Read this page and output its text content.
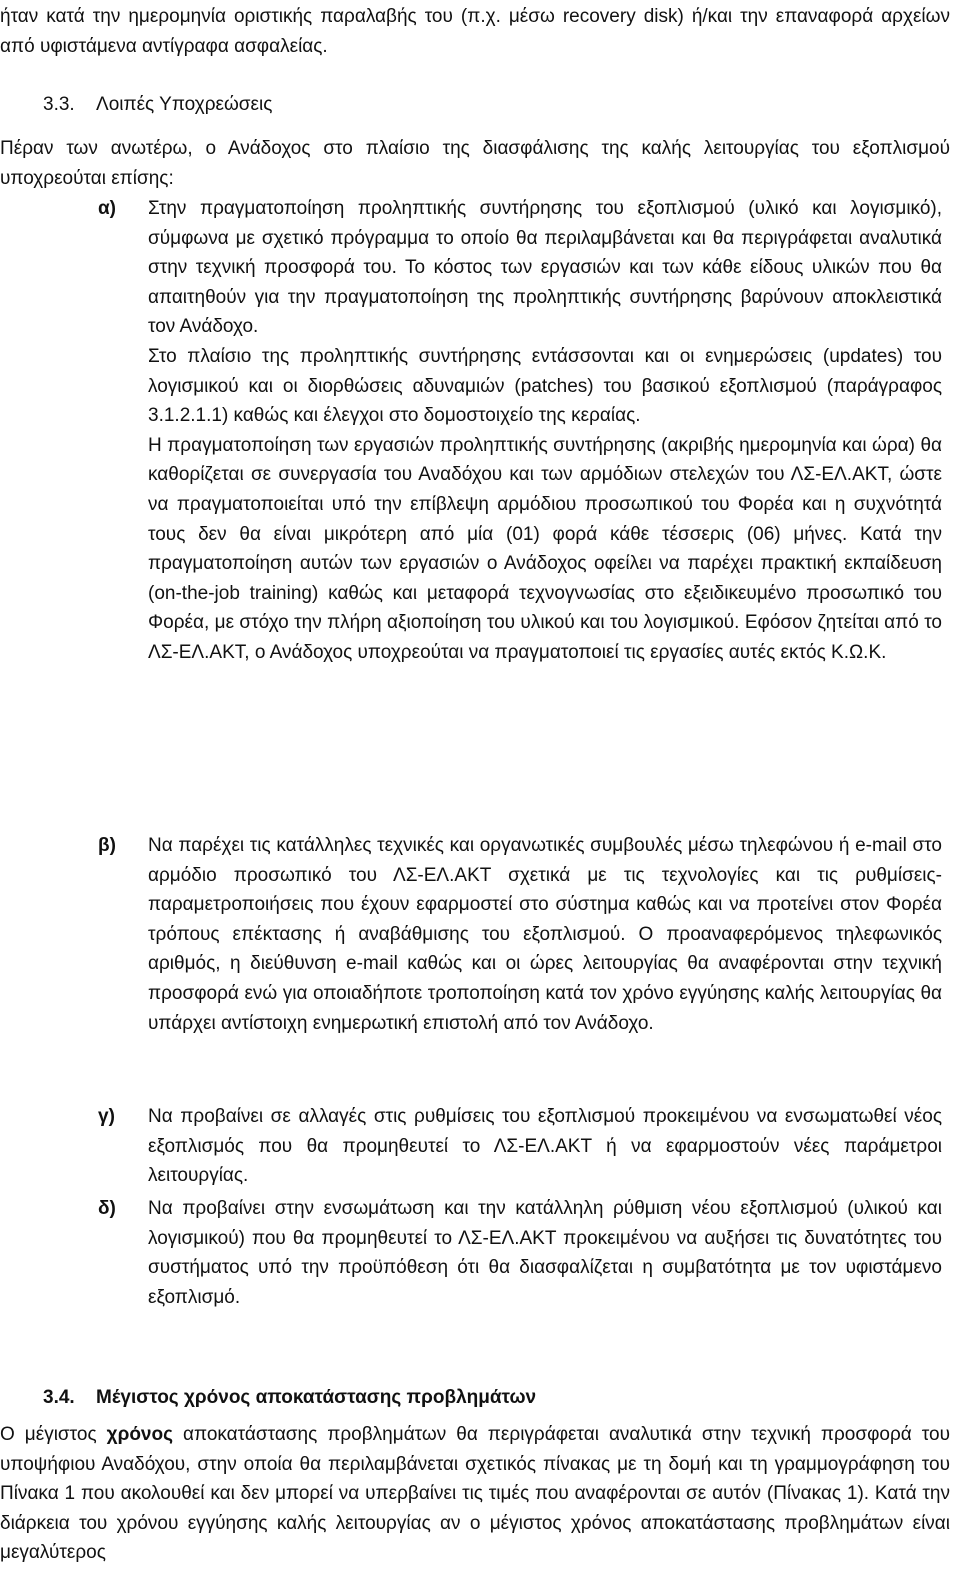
ήταν κατά την ημερομηνία οριστικής παραλαβής του (π.χ. μέσω recovery disk) ή/και την επαναφορά αρχείων από υφιστάμενα αντίγραφα ασφαλείας.

3.3. Λοιπές Υποχρεώσεις

Πέραν των ανωτέρω, ο Ανάδοχος στο πλαίσιο της διασφάλισης της καλής λειτουργίας του εξοπλισμού υποχρεούται επίσης:

α) Στην πραγματοποίηση προληπτικής συντήρησης του εξοπλισμού (υλικό και λογισμικό), σύμφωνα με σχετικό πρόγραμμα το οποίο θα περιλαμβάνεται και θα περιγράφεται αναλυτικά στην τεχνική προσφορά του. Το κόστος των εργασιών και των κάθε είδους υλικών που θα απαιτηθούν για την πραγματοποίηση της προληπτικής συντήρησης βαρύνουν αποκλειστικά τον Ανάδοχο.

Στο πλαίσιο της προληπτικής συντήρησης εντάσσονται και οι ενημερώσεις (updates) του λογισμικού και οι διορθώσεις αδυναμιών (patches) του βασικού εξοπλισμού (παράγραφος 3.1.2.1.1) καθώς και έλεγχοι στο δομοστοιχείο της κεραίας.

Η πραγματοποίηση των εργασιών προληπτικής συντήρησης (ακριβής ημερομηνία και ώρα) θα καθορίζεται σε συνεργασία του Αναδόχου και των αρμόδιων στελεχών του ΛΣ-ΕΛ.ΑΚΤ, ώστε να πραγματοποιείται υπό την επίβλεψη αρμόδιου προσωπικού του Φορέα και η συχνότητά τους δεν θα είναι μικρότερη από μία (01) φορά κάθε τέσσερις (06) μήνες. Κατά την πραγματοποίηση αυτών των εργασιών ο Ανάδοχος οφείλει να παρέχει πρακτική εκπαίδευση (on-the-job training) καθώς και μεταφορά τεχνογνωσίας στο εξειδικευμένο προσωπικό του Φορέα, με στόχο την πλήρη αξιοποίηση του υλικού και του λογισμικού. Εφόσον ζητείται από το ΛΣ-ΕΛ.ΑΚΤ, ο Ανάδοχος υποχρεούται να πραγματοποιεί τις εργασίες αυτές εκτός Κ.Ω.Κ.

β) Να παρέχει τις κατάλληλες τεχνικές και οργανωτικές συμβουλές μέσω τηλεφώνου ή e-mail στο αρμόδιο προσωπικό του ΛΣ-ΕΛ.ΑΚΤ σχετικά με τις τεχνολογίες και τις ρυθμίσεις-παραμετροποιήσεις που έχουν εφαρμοστεί στο σύστημα καθώς και να προτείνει στον Φορέα τρόπους επέκτασης ή αναβάθμισης του εξοπλισμού. Ο προαναφερόμενος τηλεφωνικός αριθμός, η διεύθυνση e-mail καθώς και οι ώρες λειτουργίας θα αναφέρονται στην τεχνική προσφορά ενώ για οποιαδήποτε τροποποίηση κατά τον χρόνο εγγύησης καλής λειτουργίας θα υπάρχει αντίστοιχη ενημερωτική επιστολή από τον Ανάδοχο.

γ) Να προβαίνει σε αλλαγές στις ρυθμίσεις του εξοπλισμού προκειμένου να ενσωματωθεί νέος εξοπλισμός που θα προμηθευτεί το ΛΣ-ΕΛ.ΑΚΤ ή να εφαρμοστούν νέες παράμετροι λειτουργίας.

δ) Να προβαίνει στην ενσωμάτωση και την κατάλληλη ρύθμιση νέου εξοπλισμού (υλικού και λογισμικού) που θα προμηθευτεί το ΛΣ-ΕΛ.ΑΚΤ προκειμένου να αυξήσει τις δυνατότητες του συστήματος υπό την προϋπόθεση ότι θα διασφαλίζεται η συμβατότητα με τον υφιστάμενο εξοπλισμό.

3.4. Μέγιστος χρόνος αποκατάστασης προβλημάτων

Ο μέγιστος χρόνος αποκατάστασης προβλημάτων θα περιγράφεται αναλυτικά στην τεχνική προσφορά του υποψήφιου Αναδόχου, στην οποία θα περιλαμβάνεται σχετικός πίνακας με τη δομή και τη γραμμογράφηση του Πίνακα 1 που ακολουθεί και δεν μπορεί να υπερβαίνει τις τιμές που αναφέρονται σε αυτόν (Πίνακας 1). Κατά την διάρκεια του χρόνου εγγύησης καλής λειτουργίας αν ο μέγιστος χρόνος αποκατάστασης προβλημάτων είναι μεγαλύτερος
